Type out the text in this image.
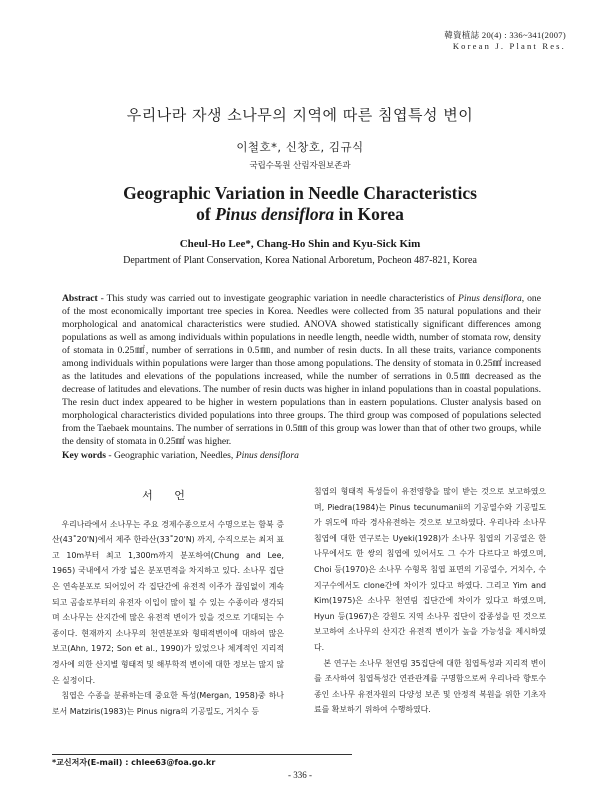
韓資植誌 20(4) : 336~341(2007)
Korean J. Plant Res.
우리나라 자생 소나무의 지역에 따른 침엽특성 변이
이철호*, 신창호, 김규식
국립수목원 산림자원보존과
Geographic Variation in Needle Characteristics
of Pinus densiflora in Korea
Cheul-Ho Lee*, Chang-Ho Shin and Kyu-Sick Kim
Department of Plant Conservation, Korea National Arboretum, Pocheon 487-821, Korea
Abstract - This study was carried out to investigate geographic variation in needle characteristics of Pinus densiflora, one of the most economically important tree species in Korea. Needles were collected from 35 natural populations and their morphological and anatomical characteristics were studied. ANOVA showed statistically significant differences among populations as well as among individuals within populations in needle length, needle width, number of stomata row, density of stomata in 0.25㎟, number of serrations in 0.5㎜, and number of resin ducts. In all these traits, variance components among individuals within populations were larger than those among populations. The density of stomata in 0.25㎟ increased as the latitudes and elevations of the populations increased, while the number of serrations in 0.5㎜ decreased as the decrease of latitudes and elevations. The number of resin ducts was higher in inland populations than in coastal populations. The resin duct index appeared to be higher in western populations than in eastern populations. Cluster analysis based on morphological characteristics divided populations into three groups. The third group was composed of populations selected from the Taebaek mountains. The number of serrations in 0.5㎜ of this group was lower than that of other two groups, while the density of stomata in 0.25㎟ was higher.
Key words - Geographic variation, Needles, Pinus densiflora
서 언

우리나라에서 소나무는 주요 경제수종으로서 수명으로는 함북 증산(43˚20'N)에서 제주 한라산(33˚20'N) 까지, 수직으로는 최저 표고 10m부터 최고 1,300m까지 분포하여(Chung and Lee, 1965) 국내에서 가장 넓은 분포면적을 차지하고 있다. 소나무 집단은 연속분포로 되어있어 각 집단간에 유전적 이주가 끊임없이 계속되고 곰솔로부터의 유전자 이입이 많이 될 수 있는 수종이라 생각되며 소나무는 산지간에 많은 유전적 변이가 있을 것으로 기대되는 수종이다. 현재까지 소나무의 천연분포와 형태적변이에 대하여 많은 보고(Ahn, 1972; Son et al., 1990)가 있었으나 체계적인 지리적 경사에 의한 산지별 형태적 및 해부학적 변이에 대한 정보는 많지 않은 실정이다.

침엽은 수종을 분류하는데 중요한 특성(Mergan, 1958)중 하나로서 Matziris(1983)는 Pinus nigra의 기공밀도, 거치수 등

침엽의 형태적 특성들이 유전영향을 많이 받는 것으로 보고하였으며, Piedra(1984)는 Pinus tecunumanii의 기공열수와 기공밀도가 위도에 따라 경사유전하는 것으로 보고하였다. 우리나라 소나무 침엽에 대한 연구로는 Uyeki(1928)가 소나무 침엽의 기공열은 한 나무에서도 한 쌍의 침엽에 있어서도 그 수가 다르다고 하였으며, Choi 등(1970)은 소나무 수형목 침엽 표면의 기공열수, 거치수, 수지구수에서도 clone간에 차이가 있다고 하였다. 그리고 Yim and Kim(1975)은 소나무 천연림 집단간에 차이가 있다고 하였으며, Hyun 등(1967)은 강원도 지역 소나무 집단이 잡종성을 띤 것으로 보고하여 소나무의 산지간 유전적 변이가 높을 가능성을 제시하였다.

본 연구는 소나무 천연림 35집단에 대한 침엽특성과 지리적 변이를 조사하여 침엽특성간 연관관계를 구명함으로써 우리나라 향토수종인 소나무 유전자원의 다양성 보존 및 안정적 복원을 위한 기초자료를 확보하기 위하여 수행하였다.

*교신저자(E-mail) : chlee63@foa.go.kr
- 336 -
